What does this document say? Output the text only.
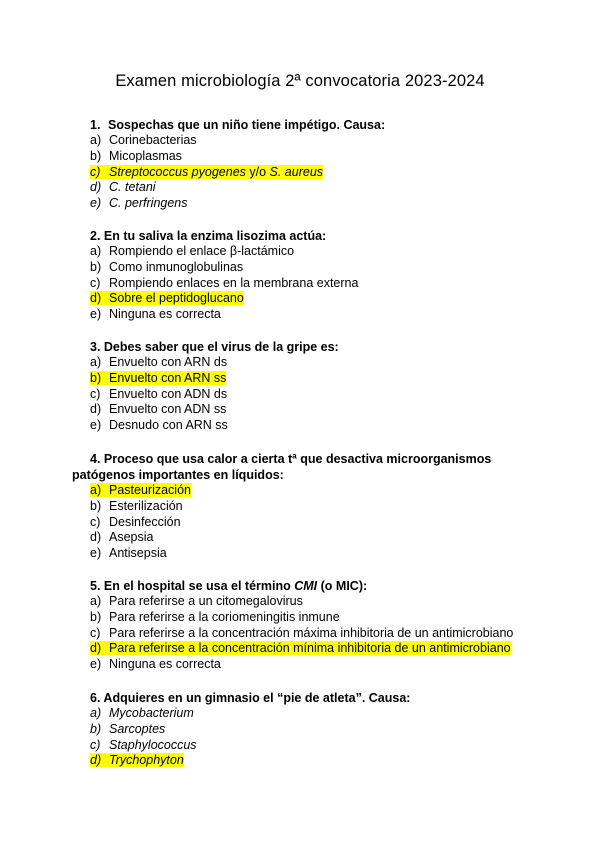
Examen microbiología 2ª convocatoria 2023-2024
1. Sospechas que un niño tiene impétigo. Causa:
a) Corinebacterias
b) Micoplasmas
c) Streptococcus pyogenes y/o S. aureus
d) C. tetani
e) C. perfringens
2. En tu saliva la enzima lisozima actúa:
a) Rompiendo el enlace β-lactámico
b) Como inmunoglobulinas
c) Rompiendo enlaces en la membrana externa
d) Sobre el peptidoglucano
e) Ninguna es correcta
3. Debes saber que el virus de la gripe es:
a) Envuelto con ARN ds
b) Envuelto con ARN ss
c) Envuelto con ADN ds
d) Envuelto con ADN ss
e) Desnudo con ARN ss
4. Proceso que usa calor a cierta tª que desactiva microorganismos
patógenos importantes en líquidos:
a) Pasteurización
b) Esterilización
c) Desinfección
d) Asepsia
e) Antisepsia
5. En el hospital se usa el término CMI (o MIC):
a) Para referirse a un citomegalovirus
b) Para referirse a la coriomeningitis inmune
c) Para referirse a la concentración máxima inhibitoria de un antimicrobiano
d) Para referirse a la concentración mínima inhibitoria de un antimicrobiano
e) Ninguna es correcta
6. Adquieres en un gimnasio el “pie de atleta”. Causa:
a) Mycobacterium
b) Sarcoptes
c) Staphylococcus
d) Trychophyton
